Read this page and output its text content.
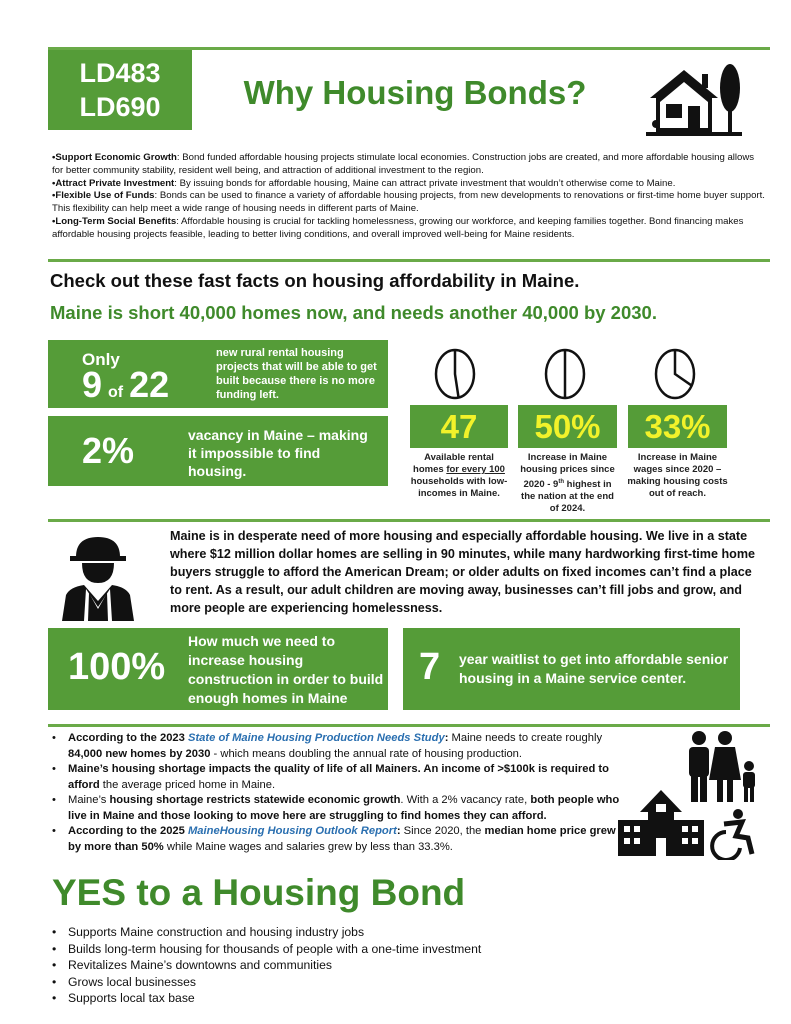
LD483
LD690	Why Housing Bonds?
•Support Economic Growth: Bond funded affordable housing projects stimulate local economies. Construction jobs are created, and more affordable housing allows for better community stability, resident well being, and attraction of additional investment to the region.
•Attract Private Investment: By issuing bonds for affordable housing, Maine can attract private investment that wouldn’t otherwise come to Maine.
•Flexible Use of Funds: Bonds can be used to finance a variety of affordable housing projects, from new developments to renovations or first-time home buyer support. This flexibility can help meet a wide range of housing needs in different parts of Maine.
•Long-Term Social Benefits: Affordable housing is crucial for tackling homelessness, growing our workforce, and keeping families together. Bond financing makes affordable housing projects feasible, leading to better living conditions, and overall improved well-being for Maine residents.
Check out these fast facts on housing affordability in Maine.
Maine is short 40,000 homes now, and needs another 40,000 by 2030.
Only
9 of 22
new rural rental housing projects that will be able to get built because there is no more funding left.
2%	vacancy in Maine – making it impossible to find housing.
47	50%	33%
Available rental homes for every 100 households with low-incomes in Maine.
Increase in Maine housing prices since 2020 - 9th highest in the nation at the end of 2024.
Increase in Maine wages since 2020 – making housing costs out of reach.
Maine is in desperate need of more housing and especially affordable housing. We live in a state where $12 million dollar homes are selling in 90 minutes, while many hardworking first-time home buyers struggle to afford the American Dream; or older adults on fixed incomes can’t find a place to rent. As a result, our adult children are moving away, businesses can’t fill jobs and grow, and more people are experiencing homelessness.
100%
How much we need to increase housing construction in order to build enough homes in Maine
7 year waitlist to get into affordable senior housing in a Maine service center.
• According to the 2023 State of Maine Housing Production Needs Study: Maine needs to create roughly 84,000 new homes by 2030 - which means doubling the annual rate of housing production.
• Maine’s housing shortage impacts the quality of life of all Mainers. An income of >$100k is required to afford the average priced home in Maine.
• Maine’s housing shortage restricts statewide economic growth. With a 2% vacancy rate, both people who live in Maine and those looking to move here are struggling to find homes they can afford.
• According to the 2025 MaineHousing Housing Outlook Report: Since 2020, the median home price grew by more than 50% while Maine wages and salaries grew by less than 33.3%.
YES to a Housing Bond
• Supports Maine construction and housing industry jobs
• Builds long-term housing for thousands of people with a one-time investment
• Revitalizes Maine’s downtowns and communities
• Grows local businesses
• Supports local tax base
